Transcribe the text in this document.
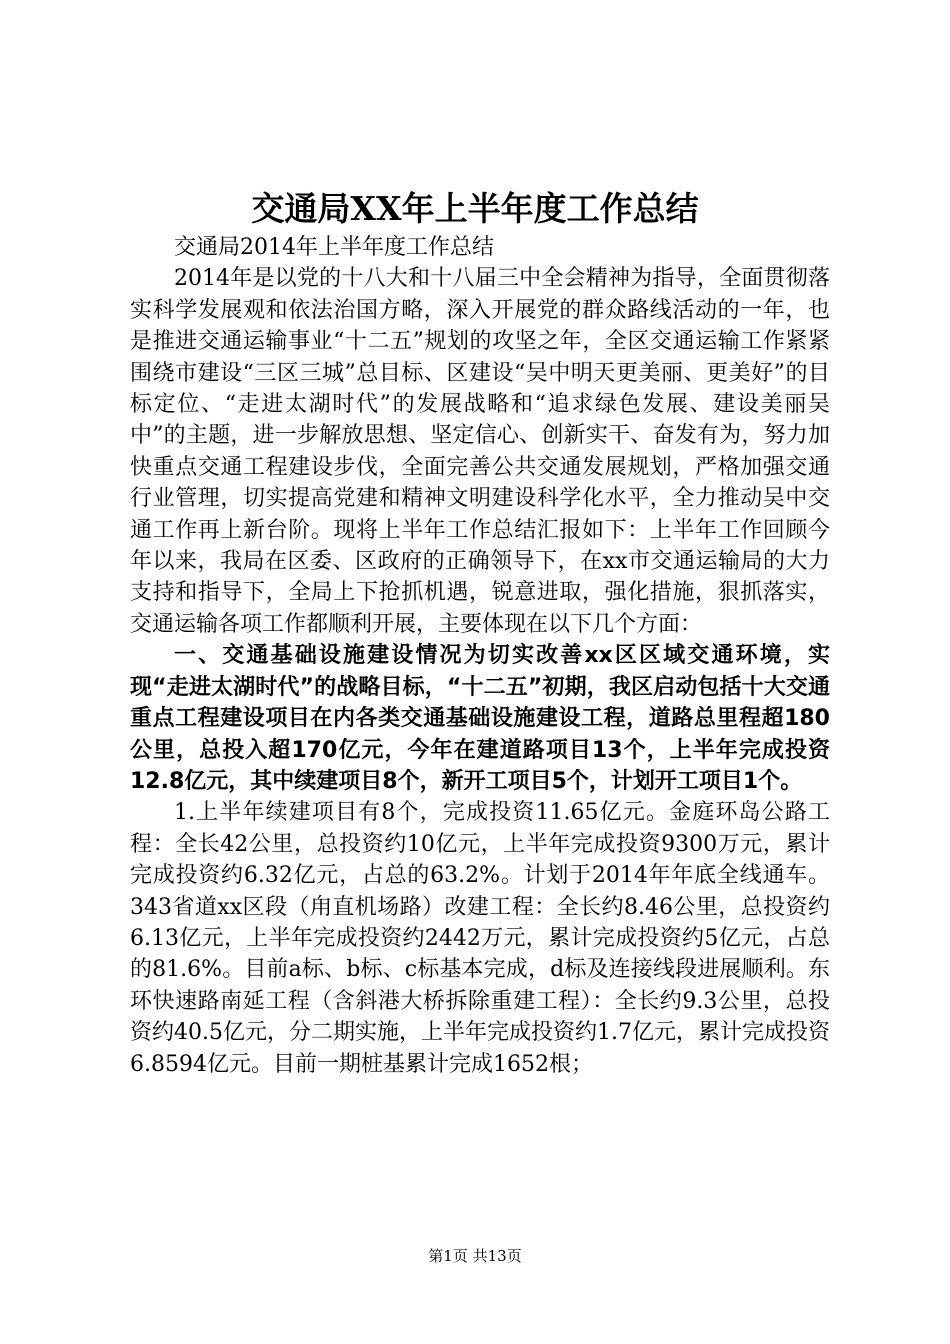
交通局XX年上半年度工作总结

交通局2014年上半年度工作总结

2014年是以党的十八大和十八届三中全会精神为指导，全面贯彻落实科学发展观和依法治国方略，深入开展党的群众路线活动的一年，也是推进交通运输事业“十二五”规划的攻坚之年，全区交通运输工作紧紧围绕市建设“三区三城”总目标、区建设“吴中明天更美丽、更美好”的目标定位、“走进太湖时代”的发展战略和“追求绿色发展、建设美丽吴中”的主题，进一步解放思想、坚定信心、创新实干、奋发有为，努力加快重点交通工程建设步伐，全面完善公共交通发展规划，严格加强交通行业管理，切实提高党建和精神文明建设科学化水平，全力推动吴中交通工作再上新台阶。现将上半年工作总结汇报如下：上半年工作回顾今年以来，我局在区委、区政府的正确领导下，在xx市交通运输局的大力支持和指导下，全局上下抢抓机遇，锐意进取，强化措施，狠抓落实，交通运输各项工作都顺利开展，主要体现在以下几个方面：

一、交通基础设施建设情况为切实改善xx区区域交通环境，实现“走进太湖时代”的战略目标，“十二五”初期，我区启动包括十大交通重点工程建设项目在内各类交通基础设施建设工程，道路总里程超180公里，总投入超170亿元，今年在建道路项目13个，上半年完成投资12.8亿元，其中续建项目8个，新开工项目5个，计划开工项目1个。

1.上半年续建项目有8个，完成投资11.65亿元。金庭环岛公路工程：全长42公里，总投资约10亿元，上半年完成投资9300万元，累计完成投资约6.32亿元，占总的63.2%。计划于2014年年底全线通车。343省道xx区段（甪直机场路）改建工程：全长约8.46公里，总投资约6.13亿元，上半年完成投资约2442万元，累计完成投资约5亿元，占总的81.6%。目前a标、b标、c标基本完成，d标及连接线段进展顺利。东环快速路南延工程（含斜港大桥拆除重建工程）：全长约9.3公里，总投资约40.5亿元，分二期实施，上半年完成投资约1.7亿元，累计完成投资6.8594亿元。目前一期桩基累计完成1652根；

第1页 共13页
